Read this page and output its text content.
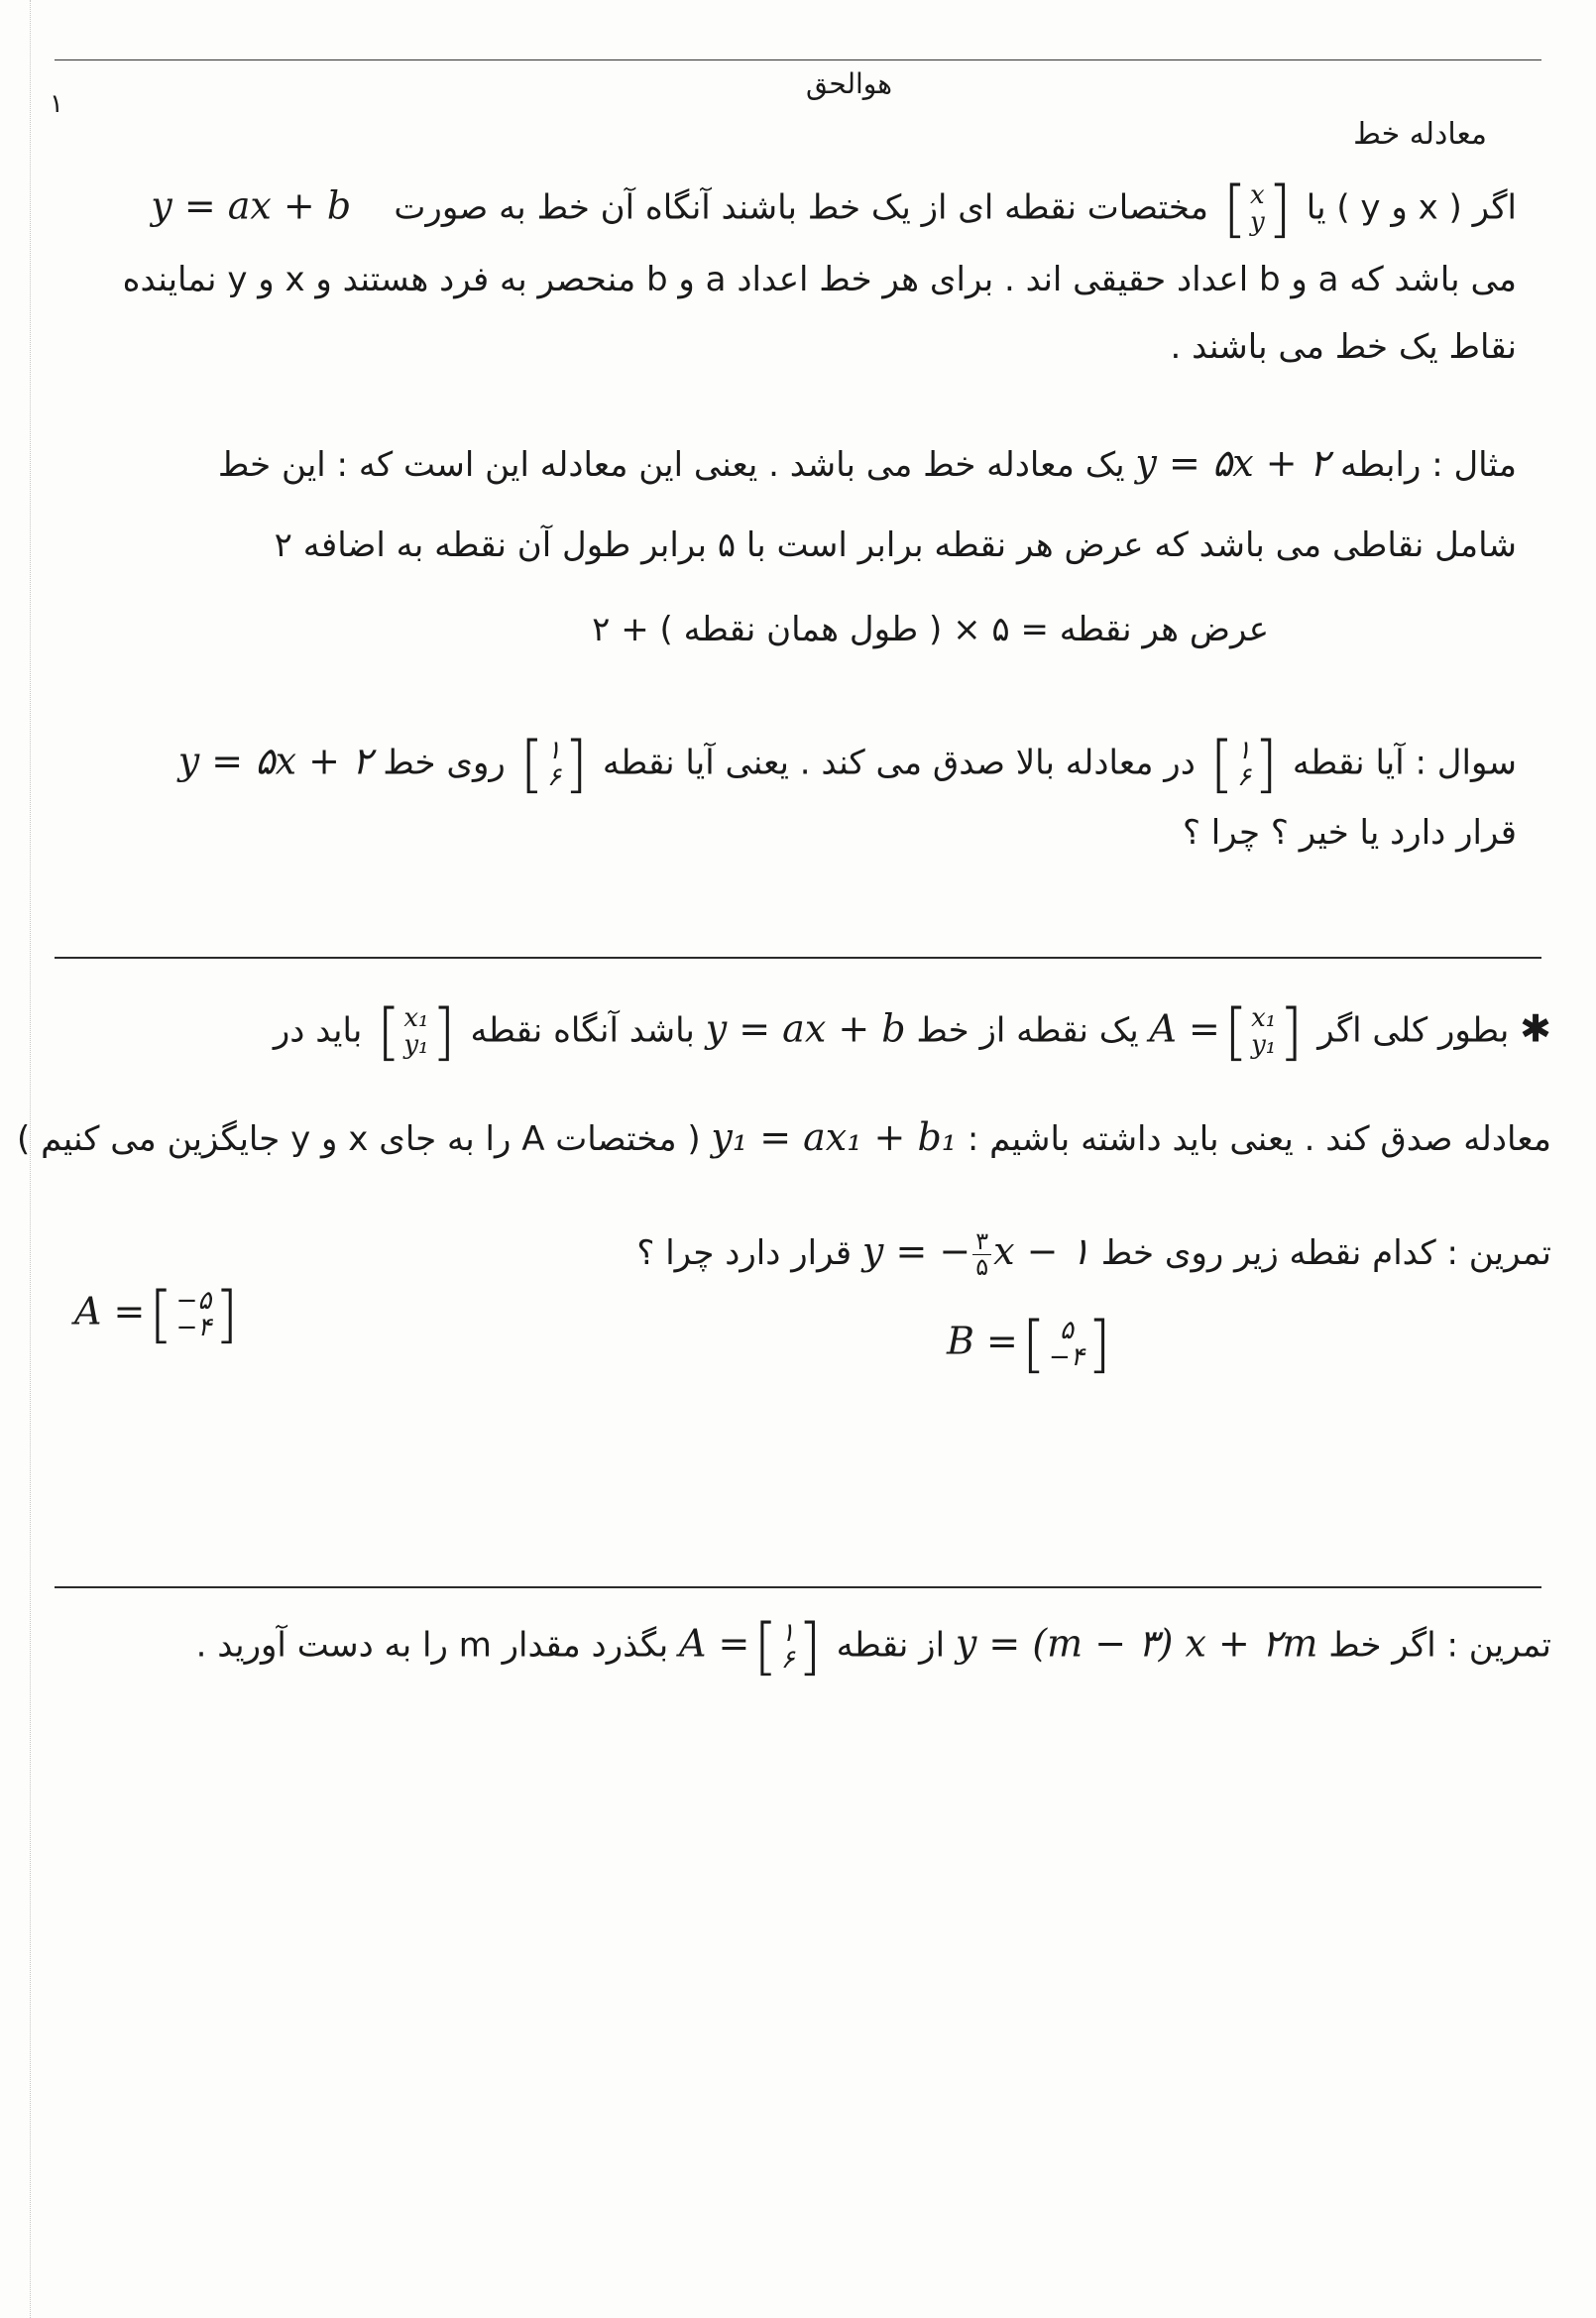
هوالحق
۱
معادله خط
اگر ( x و y ) یا
[ x
y ]
مختصات نقطه ای از یک خط باشند آنگاه آن خط به صورت    y = ax + b
می باشد که a و b اعداد حقیقی اند . برای هر خط اعداد a و b منحصر به فرد هستند و x و y نماینده
نقاط یک خط می باشند .
مثال : رابطه y = ۵x + ۲ یک معادله خط می باشد . یعنی این معادله این است که : این خط
شامل نقاطی می باشد که عرض هر نقطه برابر است با ۵ برابر طول آن نقطه به اضافه ۲
عرض هر نقطه = ۵ × ( طول همان نقطه ) + ۲
سوال : آیا نقطه
[ ۱
۶ ]
در معادله بالا صدق می کند . یعنی آیا نقطه
[ ۱
۶ ]
روی خط y = ۵x + ۲
قرار دارد یا خیر ؟ چرا ؟
✱ بطور کلی اگر A = [ x₁
y₁ ]
یک نقطه از خط y = ax + b باشد آنگاه نقطه
[ x₁
y₁ ]
باید در
معادله صدق کند . یعنی باید داشته باشیم : y₁ = ax₁ + b₁ ( مختصات A را به جای x و y جایگزین می کنیم )
تمرین : کدام نقطه زیر روی خط y = − $\frac{۳}{۵}$ x − ۱ قرار دارد چرا ؟
A = [ −۵
−۴ ]	B = [ ۵
−۴ ]
تمرین : اگر خط y = (m − ۳) x + ۲m از نقطه A = [ ۱
۶ ]
بگذرد مقدار m را به دست آورید .
